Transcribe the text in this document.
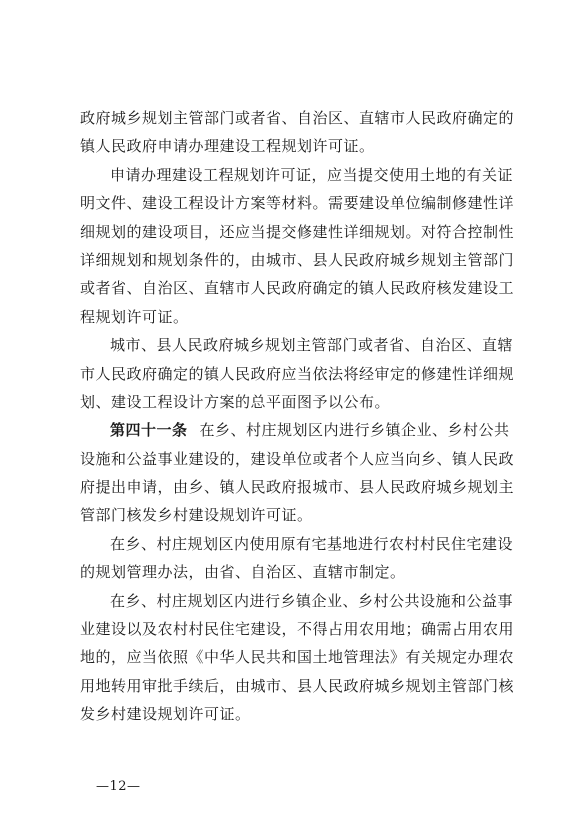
政府城乡规划主管部门或者省、自治区、直辖市人民政府确定的
镇人民政府申请办理建设工程规划许可证。
申请办理建设工程规划许可证，应当提交使用土地的有关证
明文件、建设工程设计方案等材料。需要建设单位编制修建性详
细规划的建设项目，还应当提交修建性详细规划。对符合控制性
详细规划和规划条件的，由城市、县人民政府城乡规划主管部门
或者省、自治区、直辖市人民政府确定的镇人民政府核发建设工
程规划许可证。
城市、县人民政府城乡规划主管部门或者省、自治区、直辖
市人民政府确定的镇人民政府应当依法将经审定的修建性详细规
划、建设工程设计方案的总平面图予以公布。
第四十一条 在乡、村庄规划区内进行乡镇企业、乡村公共
设施和公益事业建设的，建设单位或者个人应当向乡、镇人民政
府提出申请，由乡、镇人民政府报城市、县人民政府城乡规划主
管部门核发乡村建设规划许可证。
在乡、村庄规划区内使用原有宅基地进行农村村民住宅建设
的规划管理办法，由省、自治区、直辖市制定。
在乡、村庄规划区内进行乡镇企业、乡村公共设施和公益事
业建设以及农村村民住宅建设，不得占用农用地；确需占用农用
地的，应当依照《中华人民共和国土地管理法》有关规定办理农
用地转用审批手续后，由城市、县人民政府城乡规划主管部门核
发乡村建设规划许可证。
—12—
